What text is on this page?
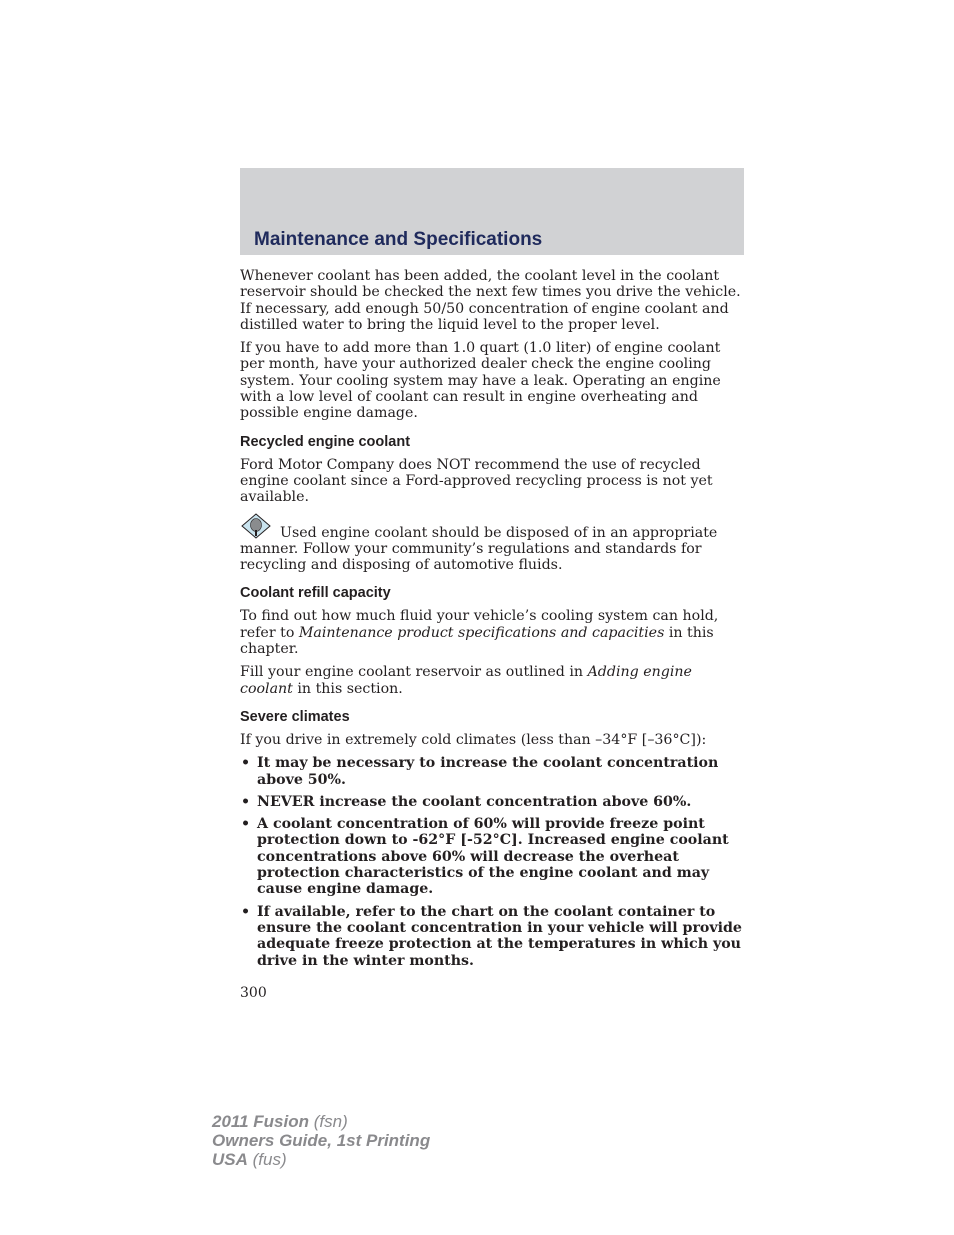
Maintenance and Specifications

Whenever coolant has been added, the coolant level in the coolant reservoir should be checked the next few times you drive the vehicle. If necessary, add enough 50/50 concentration of engine coolant and distilled water to bring the liquid level to the proper level.

If you have to add more than 1.0 quart (1.0 liter) of engine coolant per month, have your authorized dealer check the engine cooling system. Your cooling system may have a leak. Operating an engine with a low level of coolant can result in engine overheating and possible engine damage.

Recycled engine coolant

Ford Motor Company does NOT recommend the use of recycled engine coolant since a Ford-approved recycling process is not yet available.

Used engine coolant should be disposed of in an appropriate manner. Follow your community’s regulations and standards for recycling and disposing of automotive fluids.

Coolant refill capacity

To find out how much fluid your vehicle’s cooling system can hold, refer to Maintenance product specifications and capacities in this chapter.

Fill your engine coolant reservoir as outlined in Adding engine coolant in this section.

Severe climates

If you drive in extremely cold climates (less than –34°F [–36°C]):

• It may be necessary to increase the coolant concentration above 50%.
• NEVER increase the coolant concentration above 60%.
• A coolant concentration of 60% will provide freeze point protection down to -62°F [-52°C]. Increased engine coolant concentrations above 60% will decrease the overheat protection characteristics of the engine coolant and may cause engine damage.
• If available, refer to the chart on the coolant container to ensure the coolant concentration in your vehicle will provide adequate freeze protection at the temperatures in which you drive in the winter months.
300
2011 Fusion (fsn)
Owners Guide, 1st Printing
USA (fus)
